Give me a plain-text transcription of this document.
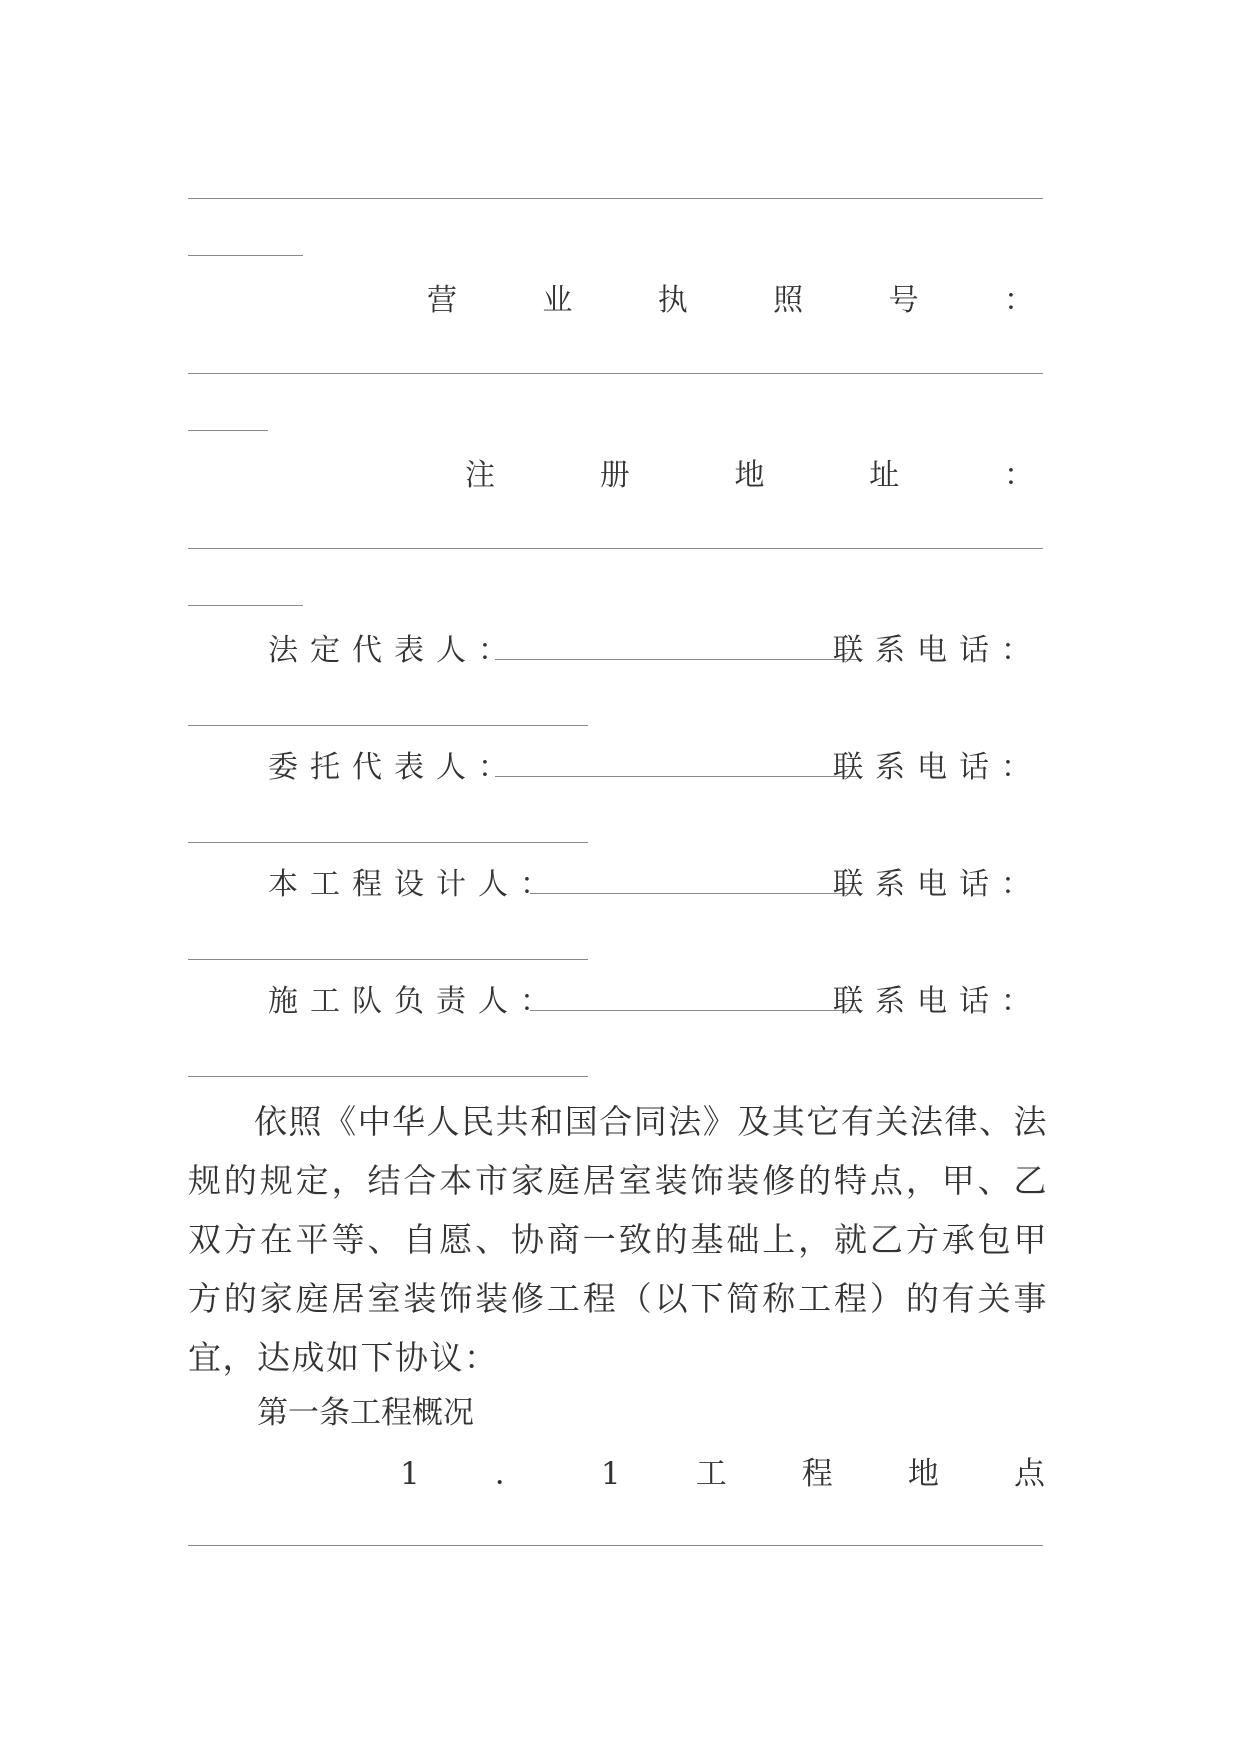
营	业	执	照	号	：
注	册	地	址	：
法定代表人：	联系电话：
委托代表人：	联系电话：
本工程设计人：	联系电话：
施工队负责人：	联系电话：
依照《中华人民共和国合同法》及其它有关法律、法规的规定，结合本市家庭居室装饰装修的特点，甲、乙双方在平等、自愿、协商一致的基础上，就乙方承包甲方的家庭居室装饰装修工程（以下简称工程）的有关事宜，达成如下协议：
第一条工程概况
1 ． 1 工 程 地 点
